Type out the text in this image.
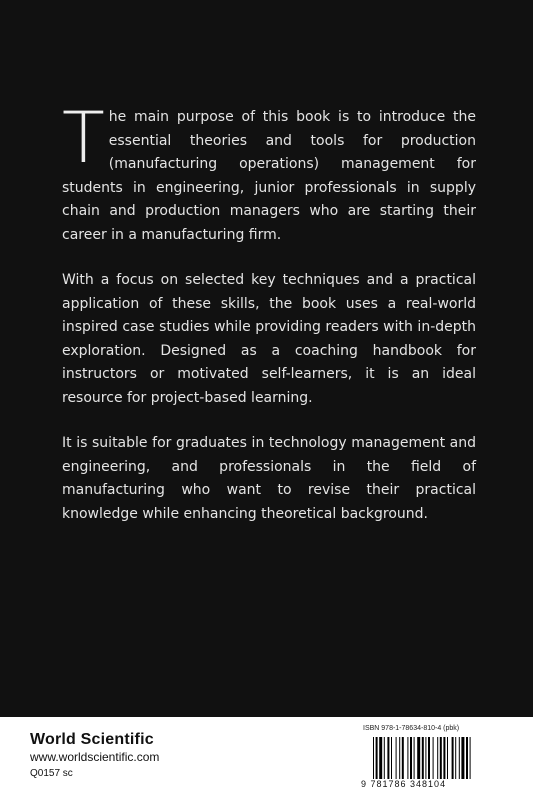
The main purpose of this book is to introduce the essential theories and tools for production (manufacturing operations) management for students in engineering, junior professionals in supply chain and production managers who are starting their career in a manufacturing firm.

With a focus on selected key techniques and a practical application of these skills, the book uses a real-world inspired case studies while providing readers with in-depth exploration. Designed as a coaching handbook for instructors or motivated self-learners, it is an ideal resource for project-based learning.

It is suitable for graduates in technology management and engineering, and professionals in the field of manufacturing who want to revise their practical knowledge while enhancing theoretical background.

World Scientific
www.worldscientific.com
Q0157 sc
ISBN 978-1-78634-810-4 (pbk)
9 781786 348104
